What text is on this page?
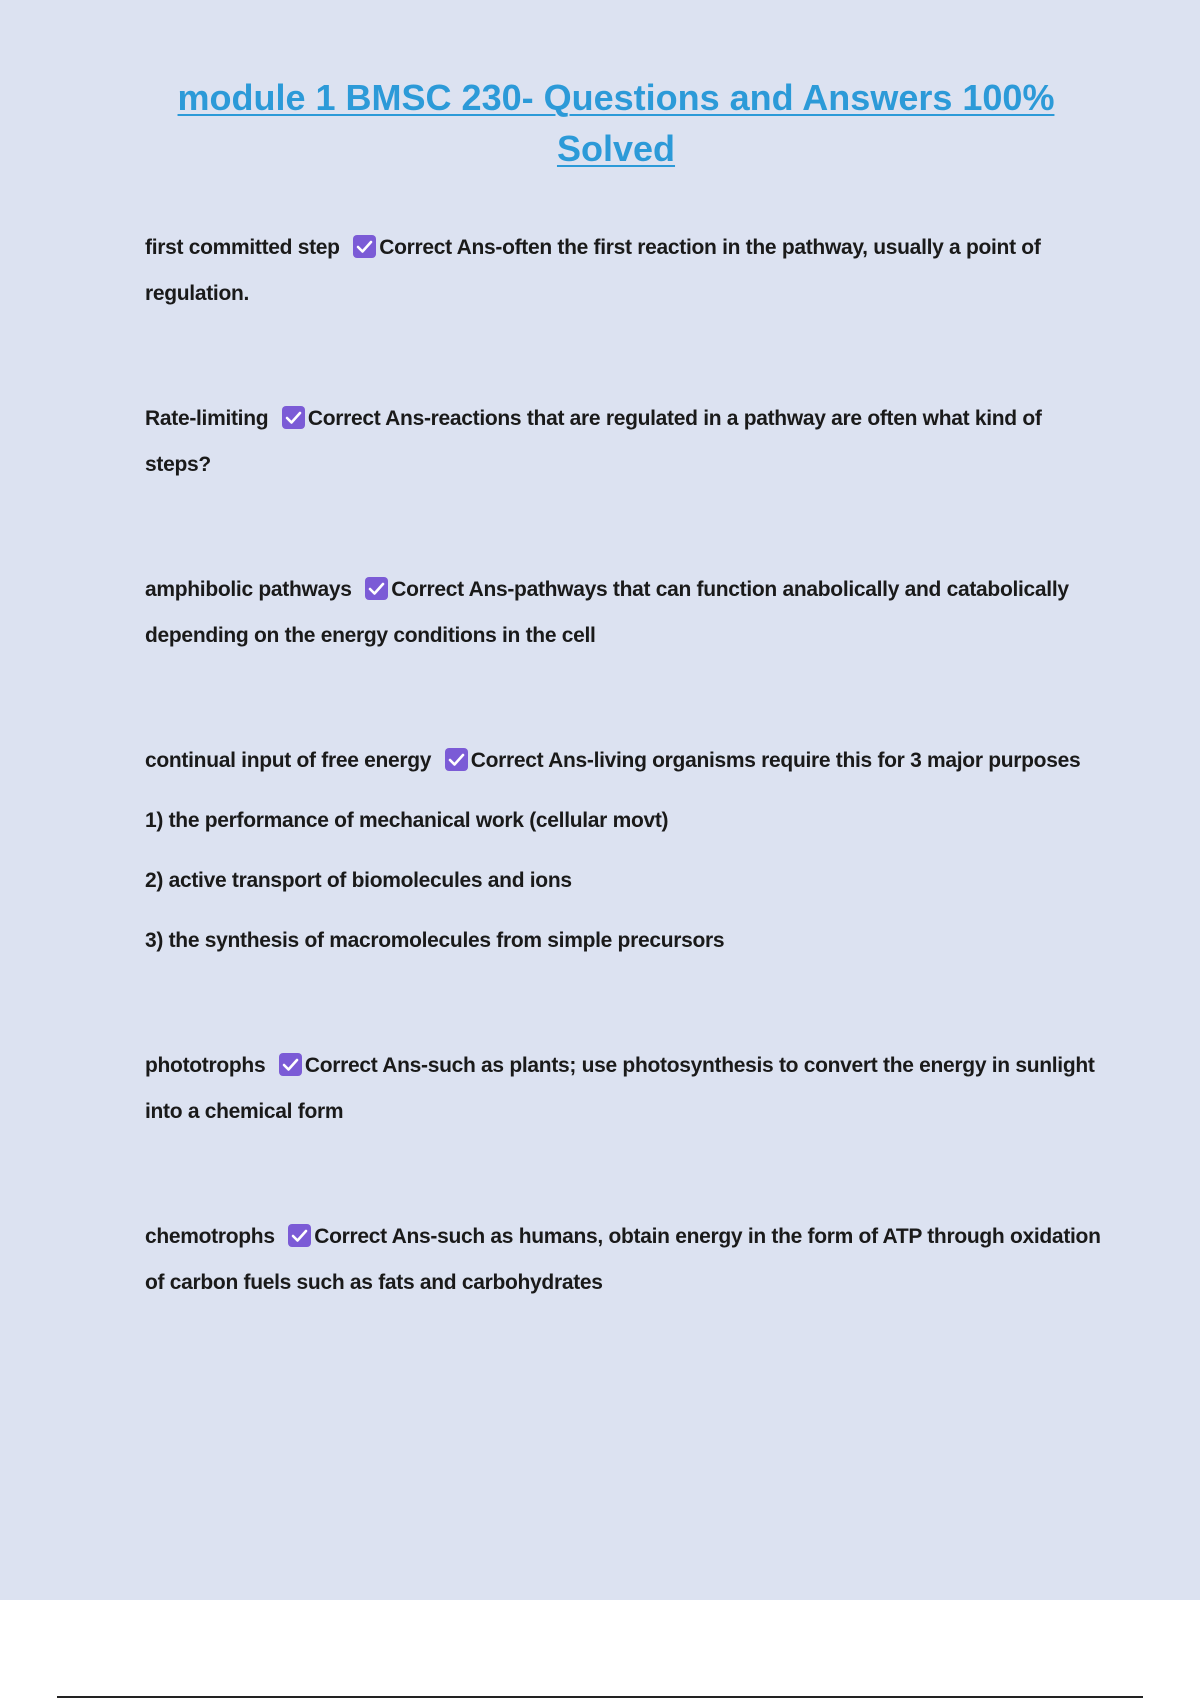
module 1 BMSC 230- Questions and Answers 100% Solved

first committed step Correct Ans-often the first reaction in the pathway, usually a point of regulation.

Rate-limiting Correct Ans-reactions that are regulated in a pathway are often what kind of steps?

amphibolic pathways Correct Ans-pathways that can function anabolically and catabolically depending on the energy conditions in the cell

continual input of free energy Correct Ans-living organisms require this for 3 major purposes
1) the performance of mechanical work (cellular movt)
2) active transport of biomolecules and ions
3) the synthesis of macromolecules from simple precursors

phototrophs Correct Ans-such as plants; use photosynthesis to convert the energy in sunlight into a chemical form

chemotrophs Correct Ans-such as humans, obtain energy in the form of ATP through oxidation of carbon fuels such as fats and carbohydrates
